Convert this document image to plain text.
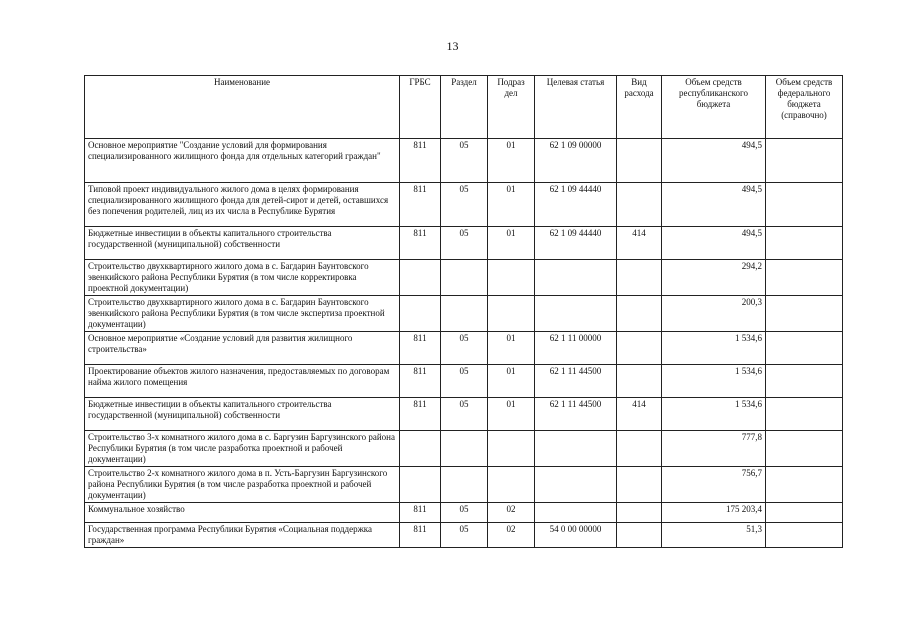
13
Наименование	ГРБС	Раздел	Подраз дел	Целевая статья	Вид расхода	Объем средств республиканского бюджета	Объем средств федерального бюджета (справочно)
Основное мероприятие "Создание условий для формирования специализированного жилищного фонда для отдельных категорий граждан"	811	05	01	62 1 09 00000		494,5	
Типовой проект индивидуального жилого дома в целях формирования специализированного жилищного фонда для детей-сирот и детей, оставшихся без попечения родителей, лиц из их числа в Республике Бурятия	811	05	01	62 1 09 44440		494,5	
Бюджетные инвестиции в объекты капитального строительства государственной (муниципальной) собственности	811	05	01	62 1 09 44440	414	494,5	
Строительство двухквартирного жилого дома в с. Багдарин Баунтовского эвенкийского района Республики Бурятия (в том числе корректировка проектной документации)						294,2	
Строительство двухквартирного жилого дома в с. Багдарин Баунтовского эвенкийского района Республики Бурятия (в том числе экспертиза проектной документации)						200,3	
Основное мероприятие «Создание условий для развития жилищного строительства»	811	05	01	62 1 11 00000		1 534,6	
Проектирование объектов жилого назначения, предоставляемых по договорам найма жилого помещения	811	05	01	62 1 11 44500		1 534,6	
Бюджетные инвестиции в объекты капитального строительства государственной (муниципальной) собственности	811	05	01	62 1 11 44500	414	1 534,6	
Строительство 3-х комнатного жилого дома в с. Баргузин Баргузинского района Республики Бурятия (в том числе разработка проектной и рабочей документации)						777,8	
Строительство 2-х комнатного жилого дома в п. Усть-Баргузин Баргузинского района Республики Бурятия (в том числе разработка проектной и рабочей документации)						756,7	
Коммунальное хозяйство	811	05	02			175 203,4	
Государственная программа Республики Бурятия «Социальная поддержка граждан»	811	05	02	54 0 00 00000		51,3	
